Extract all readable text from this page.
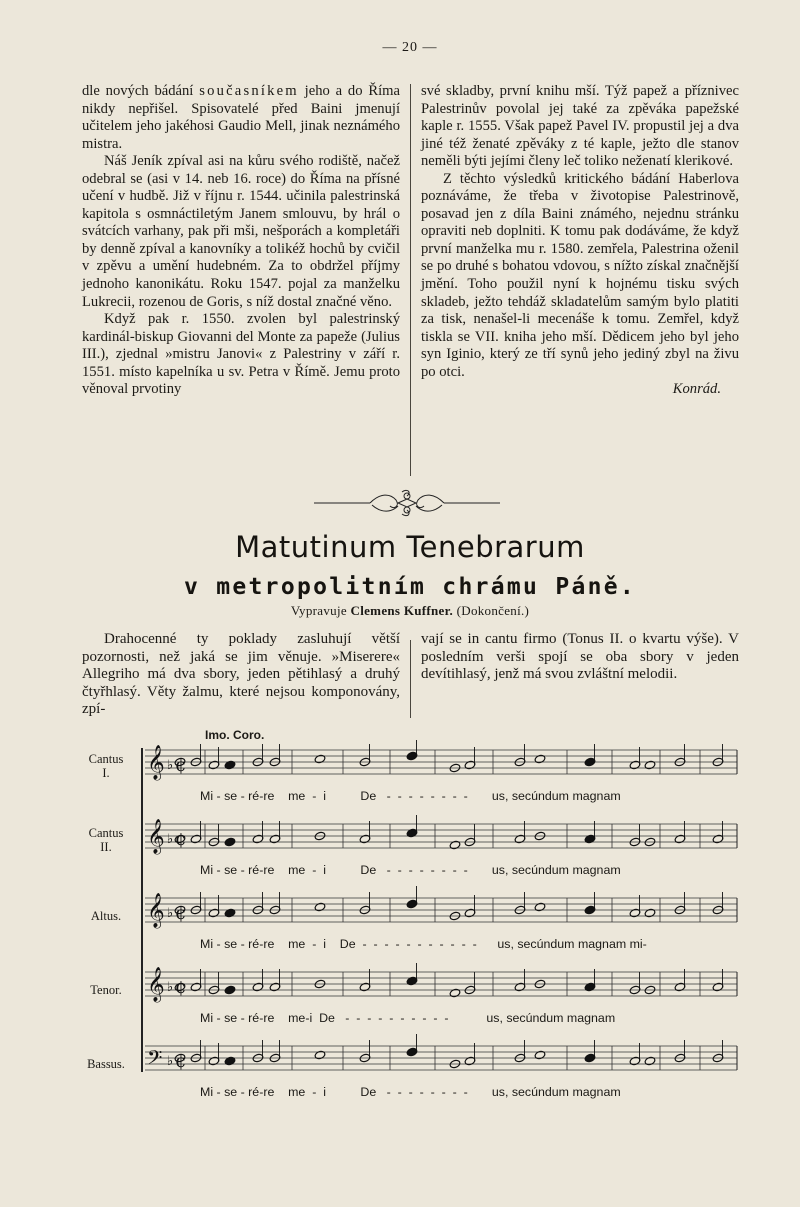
— 20 —

dle nových bádání současníkem jeho a do Říma nikdy nepřišel. Spisovatelé před Baini jmenují učitelem jeho jakéhosi Gaudio Mell, jinak neznámého mistra.

Náš Jeník zpíval asi na kůru svého rodiště, načež odebral se (asi v 14. neb 16. roce) do Říma na přísné učení v hudbě. Již v říjnu r. 1544. učinila palestrinská kapitola s osmnáctiletým Janem smlouvu, by hrál o svátcích varhany, pak při mši, nešporách a kompletáři by denně zpíval a kanovníky a tolikéž hochů by cvičil v zpěvu a umění hudebném. Za to obdržel příjmy jednoho kanonikátu. Roku 1547. pojal za manželku Lukrecii, rozenou de Goris, s níž dostal značné věno.

Když pak r. 1550. zvolen byl palestrinský kardinál-biskup Giovanni del Monte za papeže (Julius III.), zjednal »mistru Janovi« z Palestriny v září r. 1551. místo kapelníka u sv. Petra v Římě. Jemu proto věnoval prvotiny

své skladby, první knihu mší. Týž papež a příznivec Palestrinův povolal jej také za zpěváka papežské kaple r. 1555. Však papež Pavel IV. propustil jej a dva jiné též ženaté zpěváky z té kaple, ježto dle stanov neměli býti jejími členy leč toliko neženatí klerikové.

Z těchto výsledků kritického bádání Haberlova poznáváme, že třeba v životopise Palestrinově, posavad jen z díla Baini známého, nejednu stránku opraviti neb doplniti. K tomu pak dodáváme, že když první manželka mu r. 1580. zemřela, Palestrina oženil se po druhé s bohatou vdovou, s nížto získal značnější jmění. Toho použil nyní k hojnému tisku svých skladeb, ježto tehdáž skladatelům samým bylo platiti za tisk, nenašel-li mecenáše k tomu. Zemřel, když tiskla se VII. kniha jeho mší. Dědicem jeho byl jeho syn Iginio, který ze tří synů jeho jediný zbyl na živu po otci.

Konrád.

Matutinum Tenebrarum
v metropolitním chrámu Páně.
Vypravuje Clemens Kuffner. (Dokončení.)

Drahocenné ty poklady zasluhují větší pozornosti, než jaká se jim věnuje. »Miserere« Allegriho má dva sbory, jeden pětihlasý a druhý čtyřhlasý. Věty žalmu, které nejsou komponovány, zpí-

vají se in cantu firmo (Tonus II. o kvartu výše). V posledním verši spojí se oba sbory v jeden devítihlasý, jenž má svou zvláštní melodii.

Imo. Coro.
Cantus
I.
Cantus
II.
Altus.
Tenor.
Bassus.
𝄞 ♭ ¢
𝄞 ♭ ¢
𝄞 ♭ ¢
𝄞 ♭ ¢
𝄢 ♭ ¢
Mi - se - ré-re    me  -  i          De   -  -  -  -  -  -  -  -       us, secúndum magnam
Mi - se - ré-re    me  -  i          De   -  -  -  -  -  -  -  -       us, secúndum magnam
Mi - se - ré-re    me  -  i    De  -  -  -  -  -  -  -  -  -  -  -      us, secúndum magnam mi-
Mi - se - ré-re    me-i  De   -  -  -  -  -  -  -  -  -  -           us, secúndum magnam
Mi - se - ré-re    me  -  i          De   -  -  -  -  -  -  -  -       us, secúndum magnam
